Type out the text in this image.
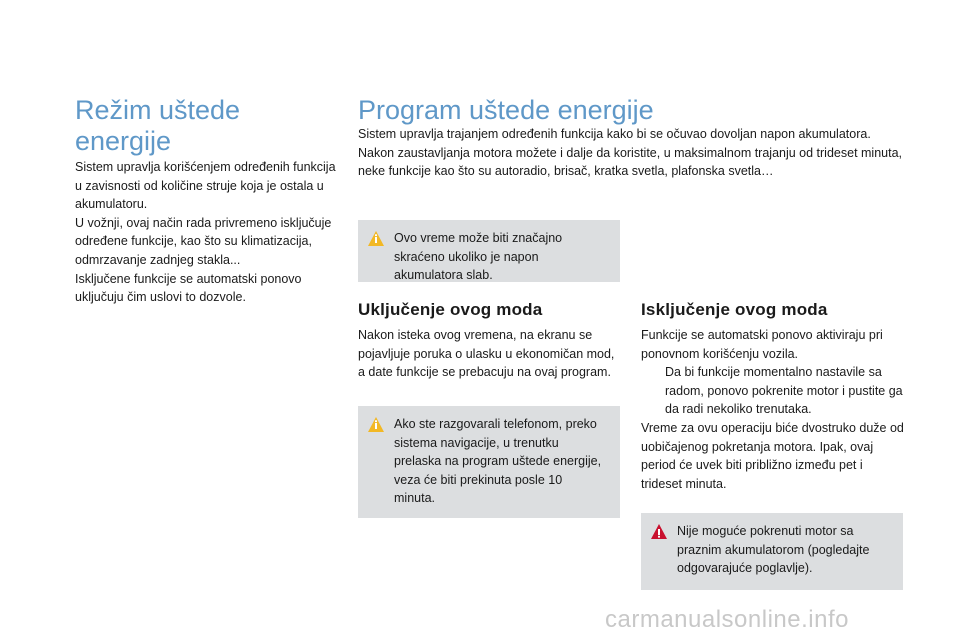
Režim uštede
energije

Sistem upravlja korišćenjem određenih funkcija u zavisnosti od količine struje koja je ostala u akumulatoru.

U vožnji, ovaj način rada privremeno isključuje određene funkcije, kao što su klimatizacija, odmrzavanje zadnjeg stakla...

Isključene funkcije se automatski ponovo uključuju čim uslovi to dozvole.

Program uštede energije

Sistem upravlja trajanjem određenih funkcija kako bi se očuvao dovoljan napon akumulatora.

Nakon zaustavljanja motora možete i dalje da koristite, u maksimalnom trajanju od trideset minuta, neke funkcije kao što su autoradio, brisač, kratka svetla, plafonska svetla…

Ovo vreme može biti značajno skraćeno ukoliko je napon akumulatora slab.

Uključenje ovog moda

Nakon isteka ovog vremena, na ekranu se pojavljuje poruka o ulasku u ekonomičan mod, a date funkcije se prebacuju na ovaj program.

Ako ste razgovarali telefonom, preko sistema navigacije, u trenutku prelaska na program uštede energije, veza će biti prekinuta posle 10 minuta.

Isključenje ovog moda

Funkcije se automatski ponovo aktiviraju pri ponovnom korišćenju vozila.

Da bi funkcije momentalno nastavile sa radom, ponovo pokrenite motor i pustite ga da radi nekoliko trenutaka.

Vreme za ovu operaciju biće dvostruko duže od uobičajenog pokretanja motora. Ipak, ovaj period će uvek biti približno između pet i trideset minuta.

Nije moguće pokrenuti motor sa praznim akumulatorom (pogledajte odgovarajuće poglavlje).

carmanualsonline.info
